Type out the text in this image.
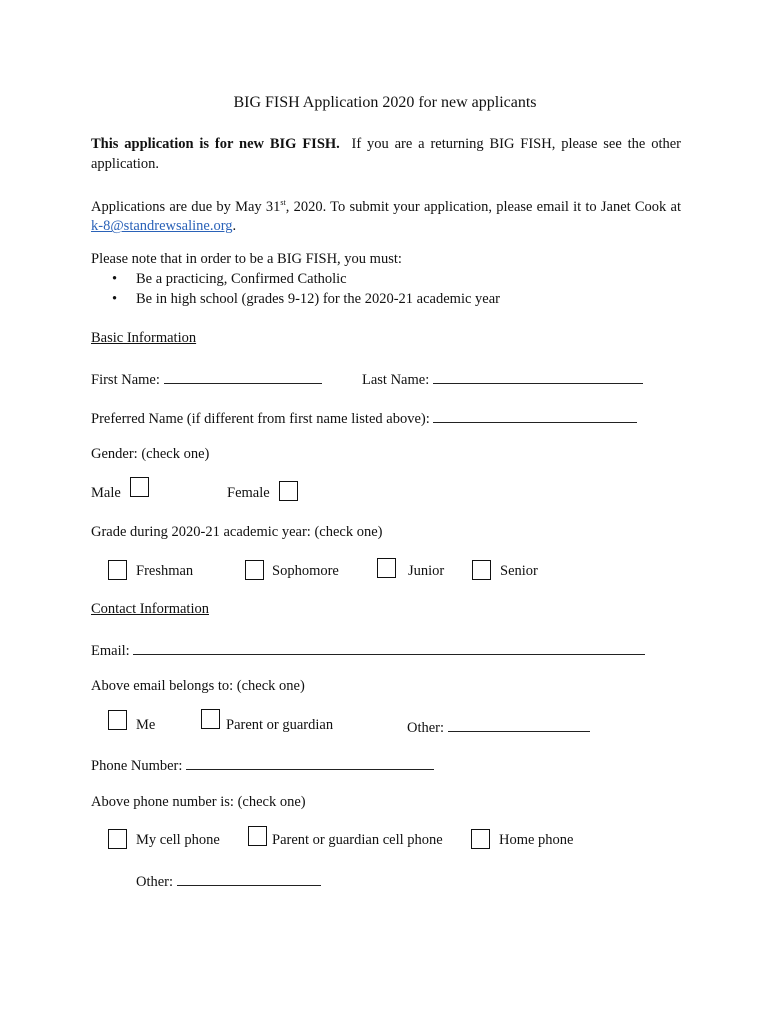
BIG FISH Application 2020 for new applicants
This application is for new BIG FISH. If you are a returning BIG FISH, please see the other application.
Applications are due by May 31st, 2020. To submit your application, please email it to Janet Cook at k-8@standrewsaline.org.
Please note that in order to be a BIG FISH, you must:
• Be a practicing, Confirmed Catholic
• Be in high school (grades 9-12) for the 2020-21 academic year
Basic Information
First Name:	Last Name:
Preferred Name (if different from first name listed above):
Gender: (check one)
Male	Female
Grade during 2020-21 academic year: (check one)
Freshman	Sophomore	Junior	Senior
Contact Information
Email:
Above email belongs to: (check one)
Me	Parent or guardian	Other:
Phone Number:
Above phone number is: (check one)
My cell phone	Parent or guardian cell phone	Home phone
Other:
